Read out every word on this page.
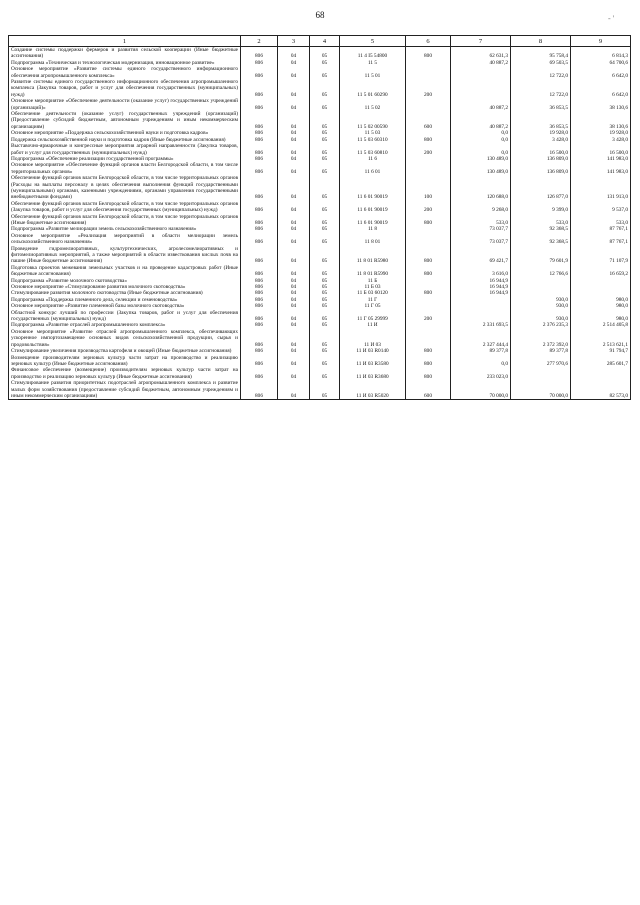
68	- '
1	2	3	4	5	6	7	8	9
Создание системы поддержки фермеров и развития сельской кооперации (Иные бюджетные ассигнования)	806	04	05	11 4 I5 54800	800	62 631,3	95 758,4	6 814,3
Подпрограмма «Техническая и технологическая модернизация, инновационное развитие»	806	04	05	11 5		40 887,2	69 503,5	64 700,6
Основное мероприятие «Развитие системы единого государственного информационного обеспечения агропромышленного комплекса»	806	04	05	11 5 01			12 722,0	6 642,0
Развитие системы единого государственного информационного обеспечения агропромышленного комплекса (Закупка товаров, работ и услуг для обеспечения государственных (муниципальных) нужд)	806	04	05	11 5 01 60290	200		12 722,0	6 642,0
Основное мероприятие «Обеспечение деятельности (оказание услуг) государственных учреждений (организаций)»	806	04	05	11 5 02		40 887,2	36 853,5	38 130,6
Обеспечение деятельности (оказание услуг) государственных учреждений (организаций) (Предоставление субсидий бюджетным, автономным учреждениям и иным некоммерческим организациям)	806	04	05	11 5 02 00590	600	40 887,2	36 853,5	38 130,6
Основное мероприятие «Поддержка сельскохозяйственной науки и подготовка кадров»	806	04	05	11 5 03		0,0	19 928,0	19 928,0
Поддержка сельскохозяйственной науки и подготовка кадров (Иные бюджетные ассигнования)	806	04	05	11 5 03 60310	800	0,0	3 428,0	3 428,0
Выставочно-ярмарочные и конгрессные мероприятия аграрной направленности (Закупка товаров, работ и услуг для государственных (муниципальных) нужд)	806	04	05	11 5 03 60810	200	0,0	16 500,0	16 500,0
Подпрограмма «Обеспечение реализации государственной программы»	806	04	05	11 6		130 489,0	136 809,0	141 983,0
Основное мероприятие «Обеспечение функций органов власти Белгородской области, в том числе территориальных органов»	806	04	05	11 6 01		130 489,0	136 809,0	141 983,0
Обеспечение функций органов власти Белгородской области, в том числе территориальных органов (Расходы на выплаты персоналу в целях обеспечения выполнения функций государственными (муниципальными) органами, казенными учреждениями, органами управления государственными внебюджетными фондами)	806	04	05	11 6 01 90019	100	120 688,0	126 877,0	131 913,0
Обеспечение функций органов власти Белгородской области, в том числе территориальных органов (Закупка товаров, работ и услуг для обеспечения государственных (муниципальных) нужд)	806	04	05	11 6 01 90019	200	9 268,0	9 399,0	9 537,0
Обеспечение функций органов власти Белгородской области, в том числе территориальных органов (Иные бюджетные ассигнования)	806	04	05	11 6 01 90019	800	533,0	533,0	533,0
Подпрограмма «Развитие мелиорации земель сельскохозяйственного назначения»	806	04	05	11 8		73 037,7	92 368,5	87 767,1
Основное мероприятие «Реализация мероприятий в области мелиорации земель сельскохозяйственного назначения»	806	04	05	11 8 01		73 037,7	92 368,5	87 767,1
Проведение гидромелиоративных, культуртехнических, агролесомелиоративных и фитомелиоративных мероприятий, а также мероприятий в области известкования кислых почв на пашне (Иные бюджетные ассигнования)	806	04	05	11 8 01 R5980	800	69 421,7	79 601,9	71 107,9
Подготовка проектов межевания земельных участков и на проведение кадастровых работ (Иные бюджетные ассигнования)	806	04	05	11 8 01 R5990	800	3 616,0	12 766,6	16 659,2
Подпрограмма «Развитие молочного скотоводства»	806	04	05	11 Б		16 944,9		
Основное мероприятие «Стимулирование развития молочного скотоводства»	806	04	05	11 Б 03		16 944,9		
Стимулирование развития молочного скотоводства (Иные бюджетные ассигнования)	806	04	05	11 Б 03 60120	800	16 944,9		
Подпрограмма «Поддержка племенного дела, селекции и семеноводства»	806	04	05	11 Г			930,0	980,0
Основное мероприятие «Развитие племенной базы молочного скотоводства»	806	04	05	11 Г 05			930,0	980,0
Областной конкурс лучший по профессии (Закупка товаров, работ и услуг для обеспечения государственных (муниципальных) нужд)	806	04	05	11 Г 05 29999	200		930,0	980,0
Подпрограмма «Развитие отраслей агропромышленного комплекса»	806	04	05	11 И		2 331 693,5	2 376 235,3	2 514 405,8
Основное мероприятие «Развитие отраслей агропромышленного комплекса, обеспечивающих ускоренное импортозамещение основных видов сельскохозяйственной продукции, сырья и продовольствия»	806	04	05	11 И 03		2 327 444,4	2 372 392,0	2 513 621,1
Стимулирование увеличения производства картофеля и овощей (Иные бюджетные ассигнования)	806	04	05	11 И 03 R0140	800	89 377,8	89 377,8	91 794,7
Возмещение производителям зерновых культур части затрат на производство и реализацию зерновых культур (Иные бюджетные ассигнования)	806	04	05	11 И 03 R3580	800	0,0	277 970,6	285 601,7
Финансовое обеспечение (возмещение) производителям зерновых культур части затрат на производство и реализацию зерновых культур (Иные бюджетные ассигнования)	806	04	05	11 И 03 R3680	800	233 023,0		
Стимулирование развития приоритетных подотраслей агропромышленного комплекса и развитие малых форм хозяйствования (предоставление субсидий бюджетным, автономным учреждениям и иным некоммерческим организациям)	806	04	05	11 И 03 R5020	600	70 000,0	70 000,0	82 573,0
